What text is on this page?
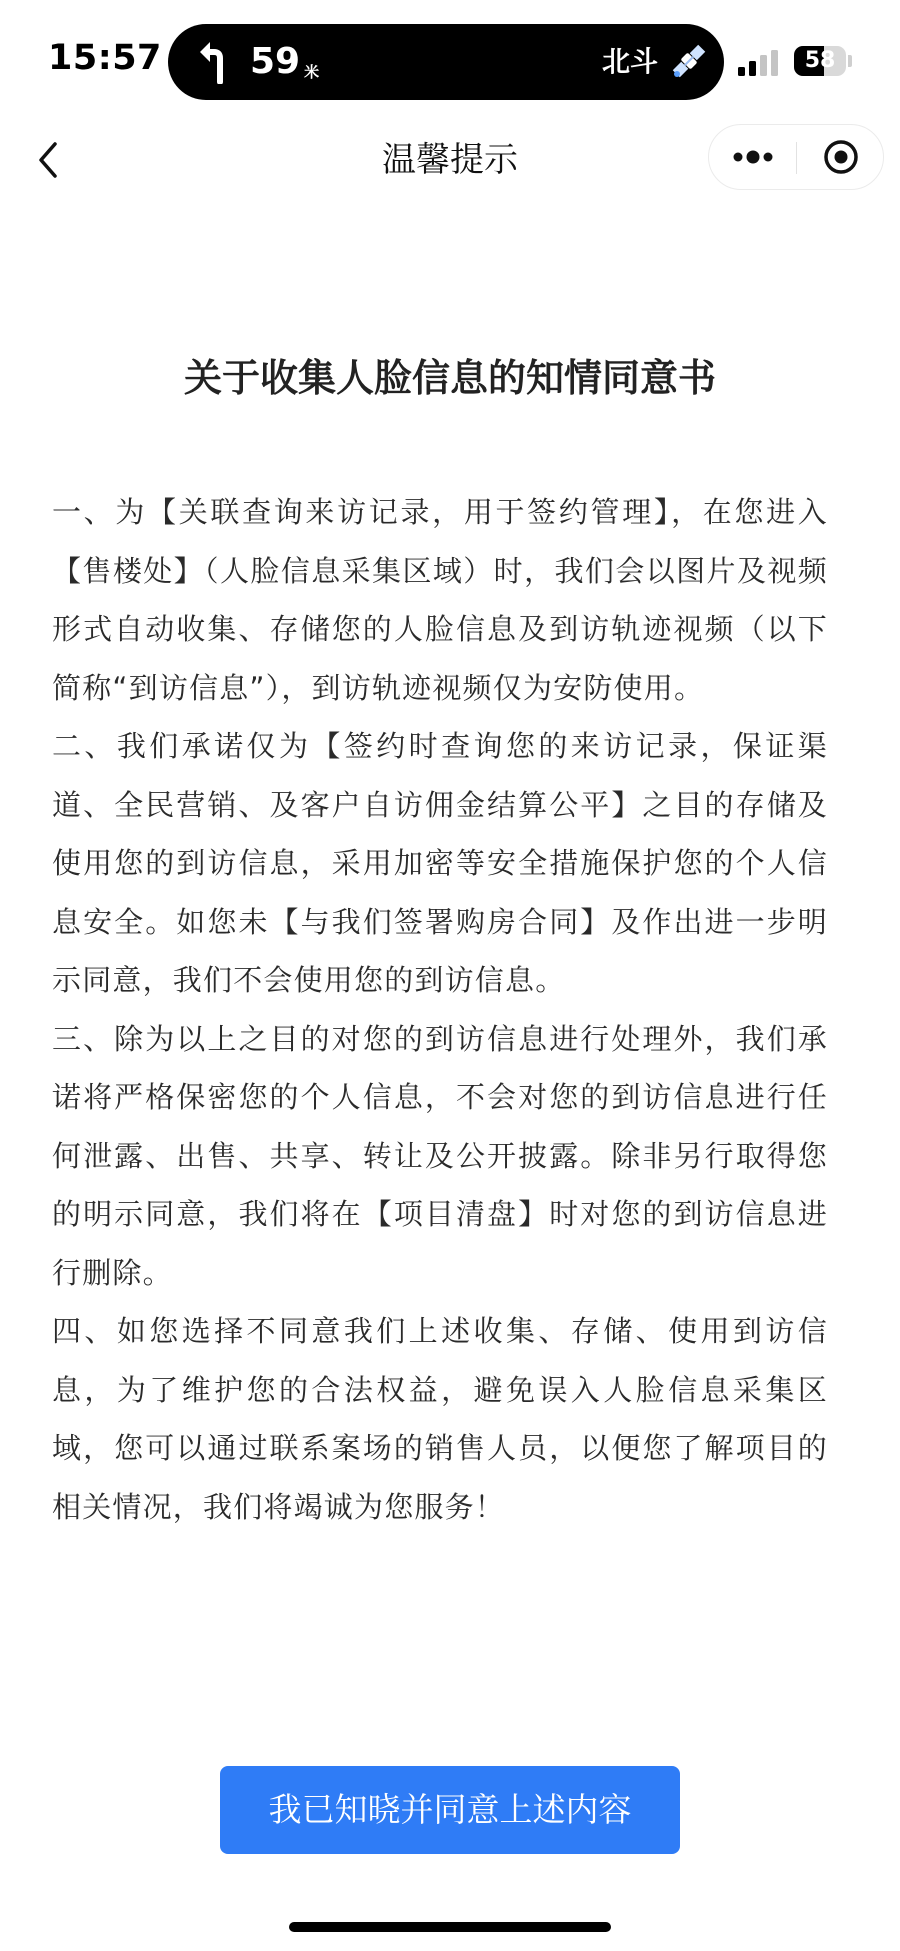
15:57 59 米	北斗	58
温馨提示
关于收集人脸信息的知情同意书

一、为【关联查询来访记录，用于签约管理】，在您进入【售楼处】（人脸信息采集区域）时，我们会以图片及视频形式自动收集、存储您的人脸信息及到访轨迹视频（以下简称“到访信息”），到访轨迹视频仅为安防使用。

二、我们承诺仅为【签约时查询您的来访记录，保证渠道、全民营销、及客户自访佣金结算公平】之目的存储及使用您的到访信息，采用加密等安全措施保护您的个人信息安全。如您未【与我们签署购房合同】及作出进一步明示同意，我们不会使用您的到访信息。

三、除为以上之目的对您的到访信息进行处理外，我们承诺将严格保密您的个人信息，不会对您的到访信息进行任何泄露、出售、共享、转让及公开披露。除非另行取得您的明示同意，我们将在【项目清盘】时对您的到访信息进行删除。

四、如您选择不同意我们上述收集、存储、使用到访信息，为了维护您的合法权益，避免误入人脸信息采集区域，您可以通过联系案场的销售人员，以便您了解项目的相关情况，我们将竭诚为您服务！

我已知晓并同意上述内容
